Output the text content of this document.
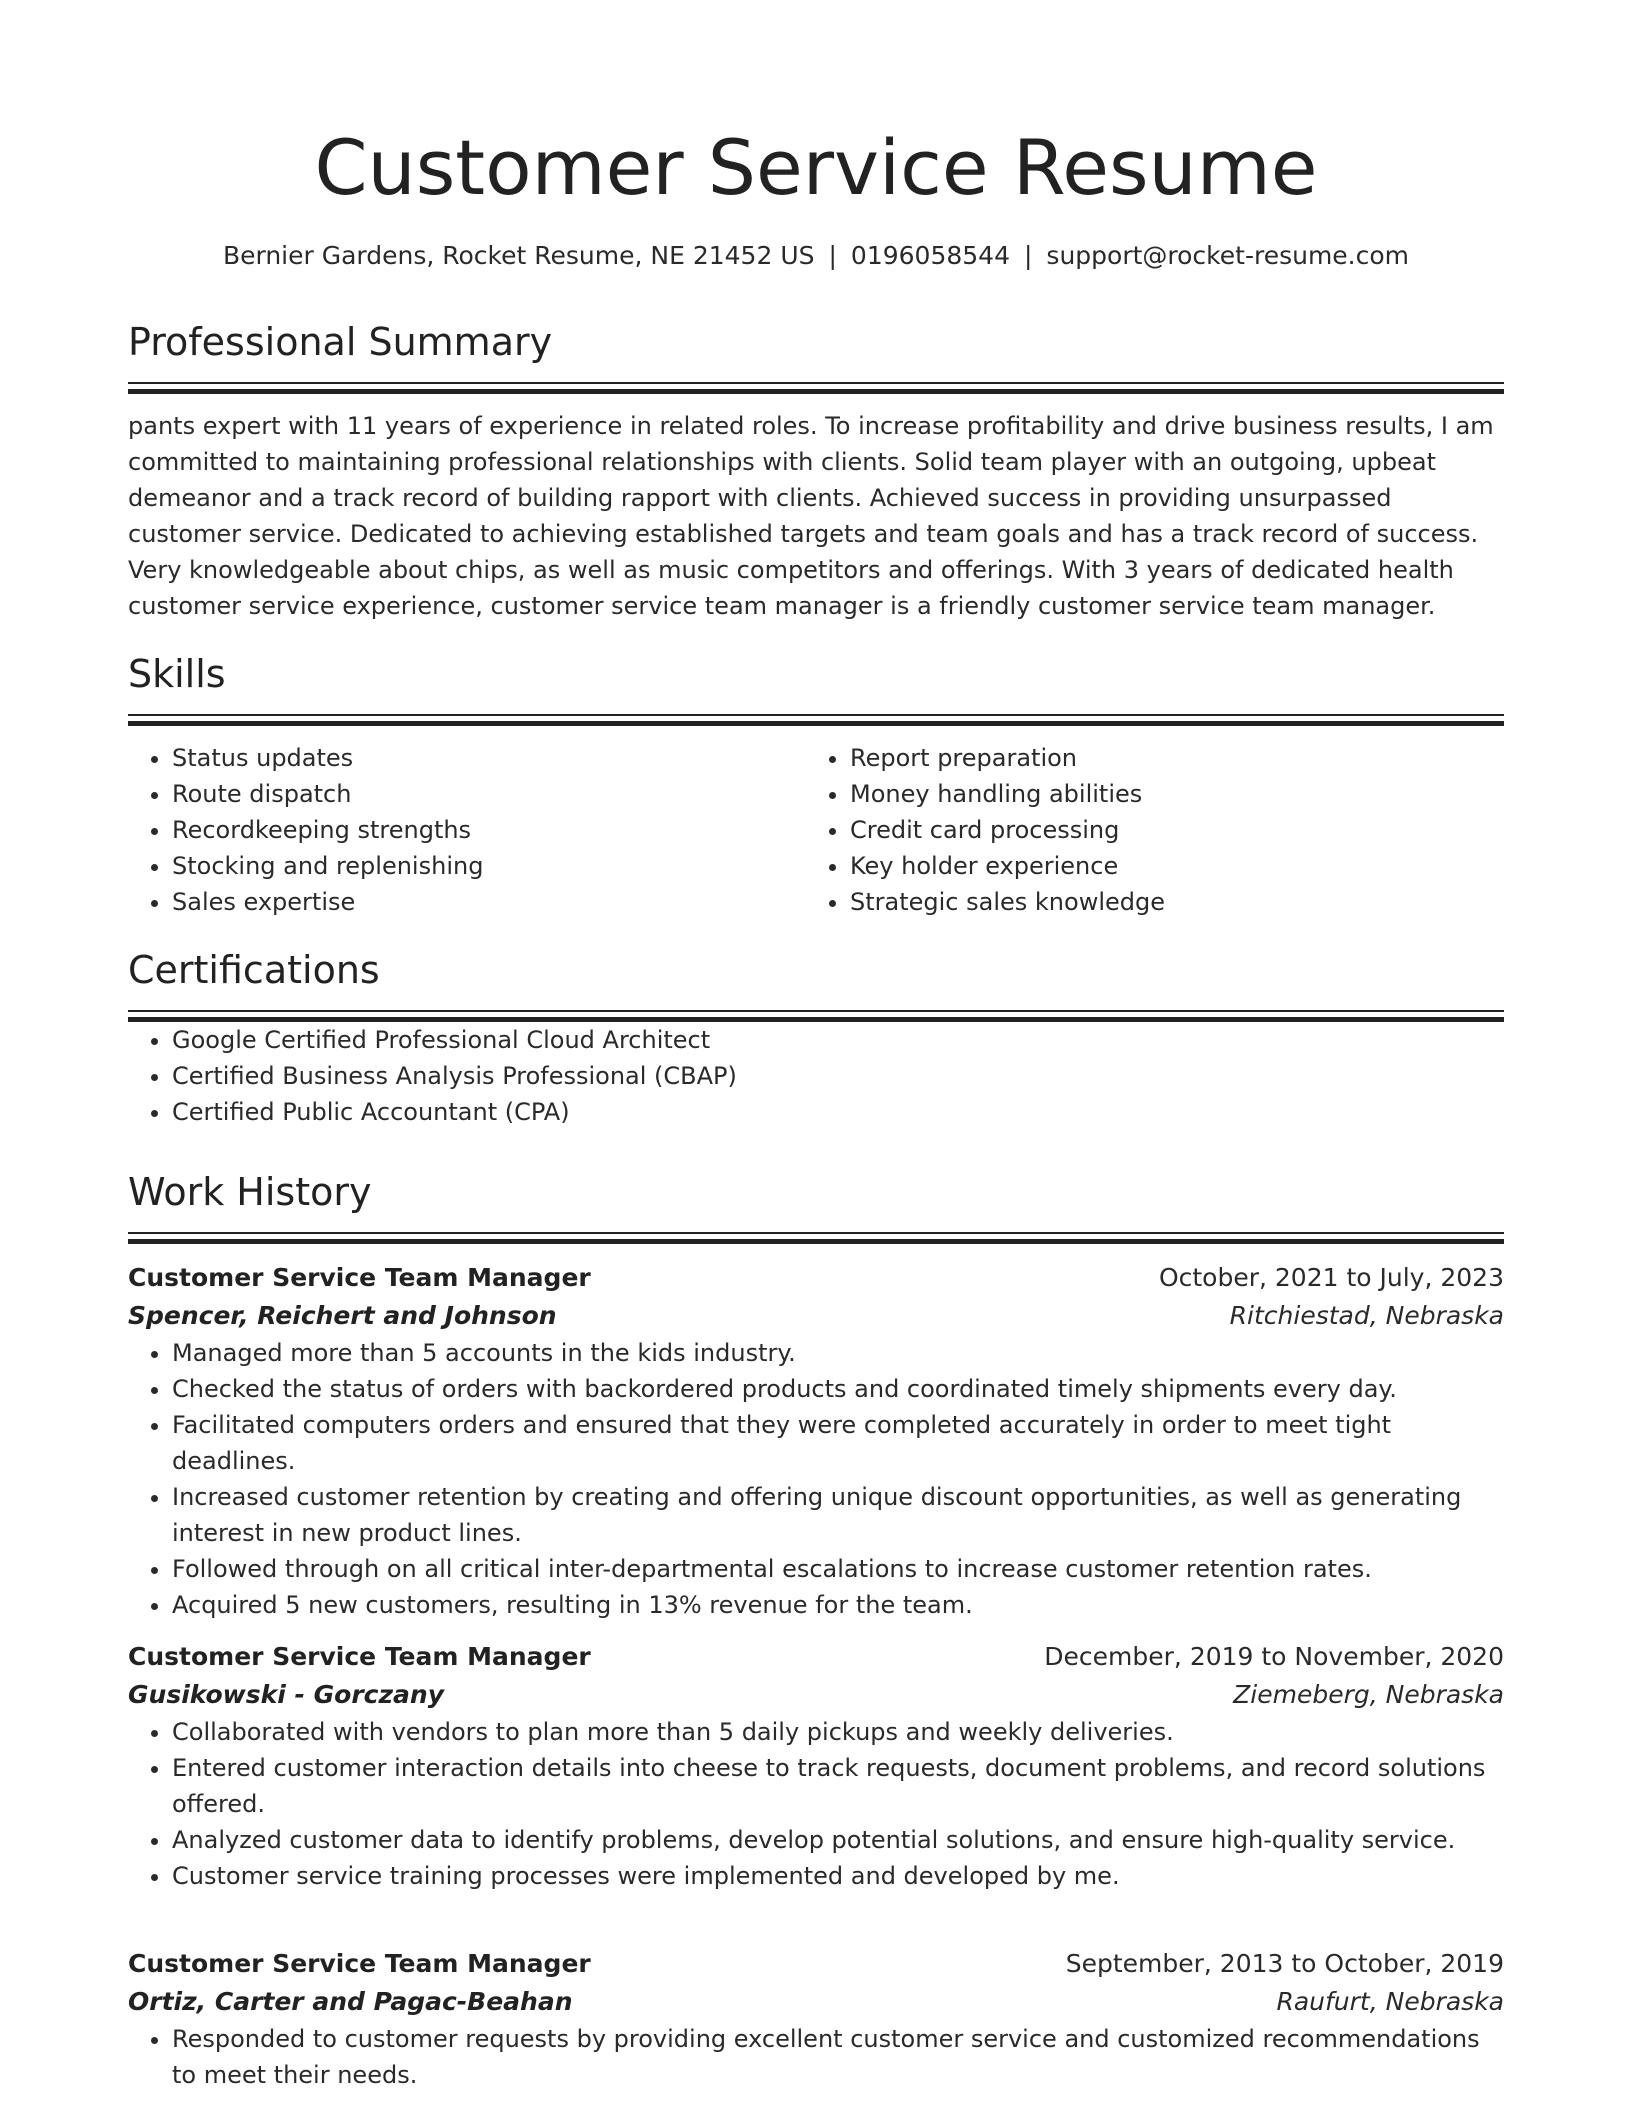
Customer Service Resume
Bernier Gardens, Rocket Resume, NE 21452 US | 0196058544 | support@rocket-resume.com
Professional Summary

pants expert with 11 years of experience in related roles. To increase profitability and drive business results, I am committed to maintaining professional relationships with clients. Solid team player with an outgoing, upbeat demeanor and a track record of building rapport with clients. Achieved success in providing unsurpassed customer service. Dedicated to achieving established targets and team goals and has a track record of success. Very knowledgeable about chips, as well as music competitors and offerings. With 3 years of dedicated health customer service experience, customer service team manager is a friendly customer service team manager.

Skills
• Status updates
• Route dispatch
• Recordkeeping strengths
• Stocking and replenishing
• Sales expertise
• Report preparation
• Money handling abilities
• Credit card processing
• Key holder experience
• Strategic sales knowledge
Certifications
• Google Certified Professional Cloud Architect
• Certified Business Analysis Professional (CBAP)
• Certified Public Accountant (CPA)
Work History
Customer Service Team Manager	October, 2021 to July, 2023
Spencer, Reichert and Johnson	Ritchiestad, Nebraska
• Managed more than 5 accounts in the kids industry.
• Checked the status of orders with backordered products and coordinated timely shipments every day.
• Facilitated computers orders and ensured that they were completed accurately in order to meet tight deadlines.
• Increased customer retention by creating and offering unique discount opportunities, as well as generating interest in new product lines.
• Followed through on all critical inter-departmental escalations to increase customer retention rates.
• Acquired 5 new customers, resulting in 13% revenue for the team.
Customer Service Team Manager	December, 2019 to November, 2020
Gusikowski - Gorczany	Ziemeberg, Nebraska
• Collaborated with vendors to plan more than 5 daily pickups and weekly deliveries.
• Entered customer interaction details into cheese to track requests, document problems, and record solutions offered.
• Analyzed customer data to identify problems, develop potential solutions, and ensure high-quality service.
• Customer service training processes were implemented and developed by me.
Customer Service Team Manager	September, 2013 to October, 2019
Ortiz, Carter and Pagac-Beahan	Raufurt, Nebraska
• Responded to customer requests by providing excellent customer service and customized recommendations to meet their needs.
